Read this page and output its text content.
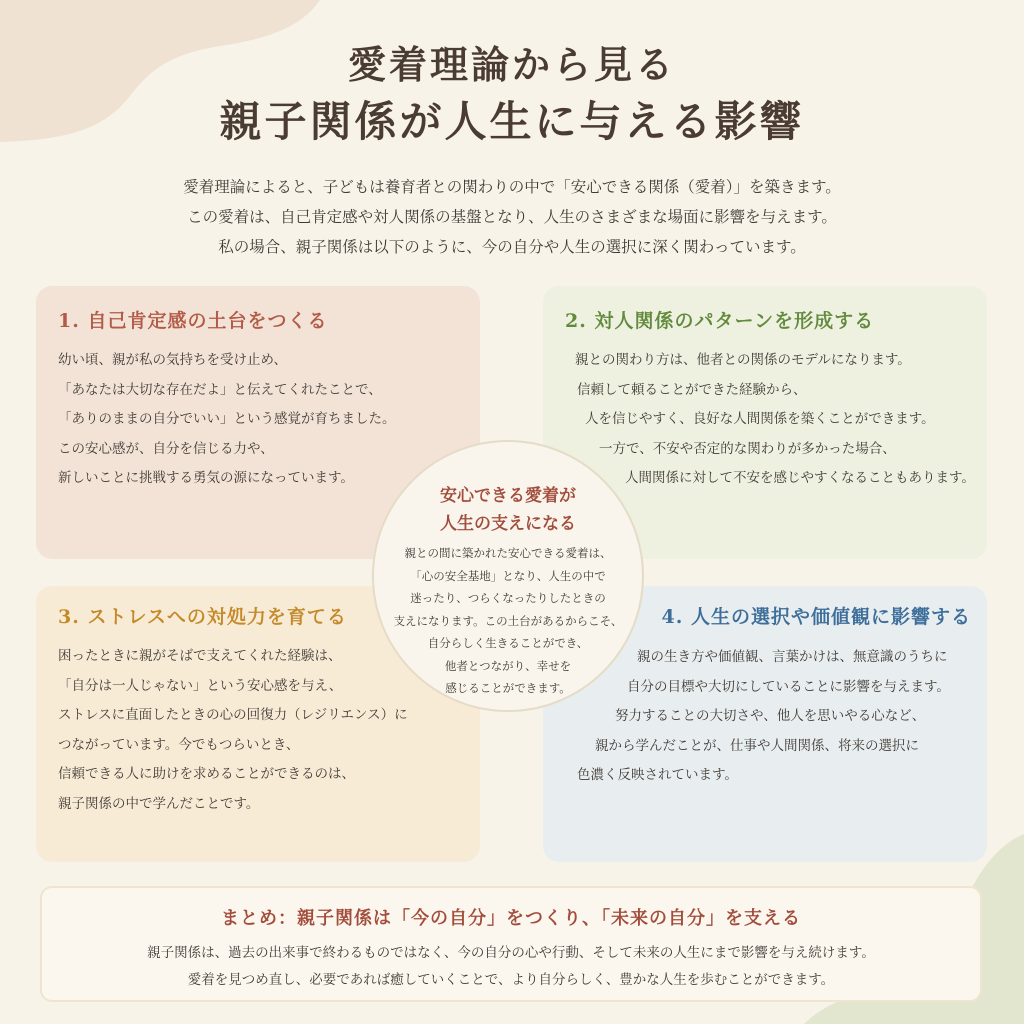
愛着理論から見る
親子関係が人生に与える影響
愛着理論によると、子どもは養育者との関わりの中で「安心できる関係（愛着）」を築きます。
この愛着は、自己肯定感や対人関係の基盤となり、人生のさまざまな場面に影響を与えます。
私の場合、親子関係は以下のように、今の自分や人生の選択に深く関わっています。
1. 自己肯定感の土台をつくる
幼い頃、親が私の気持ちを受け止め、
「あなたは大切な存在だよ」と伝えてくれたことで、
「ありのままの自分でいい」という感覚が育ちました。
この安心感が、自分を信じる力や、
新しいことに挑戦する勇気の源になっています。
2. 対人関係のパターンを形成する
親との関わり方は、他者との関係のモデルになります。
信頼して頼ることができた経験から、
人を信じやすく、良好な人間関係を築くことができます。
一方で、不安や否定的な関わりが多かった場合、
人間関係に対して不安を感じやすくなることもあります。
3. ストレスへの対処力を育てる
困ったときに親がそばで支えてくれた経験は、
「自分は一人じゃない」という安心感を与え、
ストレスに直面したときの心の回復力（レジリエンス）に
つながっています。今でもつらいとき、
信頼できる人に助けを求めることができるのは、
親子関係の中で学んだことです。
4. 人生の選択や価値観に影響する
親の生き方や価値観、言葉かけは、無意識のうちに
自分の目標や大切にしていることに影響を与えます。
努力することの大切さや、他人を思いやる心など、
親から学んだことが、仕事や人間関係、将来の選択に
色濃く反映されています。
安心できる愛着が
人生の支えになる
親との間に築かれた安心できる愛着は、
「心の安全基地」となり、人生の中で
迷ったり、つらくなったりしたときの
支えになります。この土台があるからこそ、
自分らしく生きることができ、
他者とつながり、幸せを
感じることができます。
まとめ：親子関係は「今の自分」をつくり、「未来の自分」を支える
親子関係は、過去の出来事で終わるものではなく、今の自分の心や行動、そして未来の人生にまで影響を与え続けます。
愛着を見つめ直し、必要であれば癒していくことで、より自分らしく、豊かな人生を歩むことができます。
